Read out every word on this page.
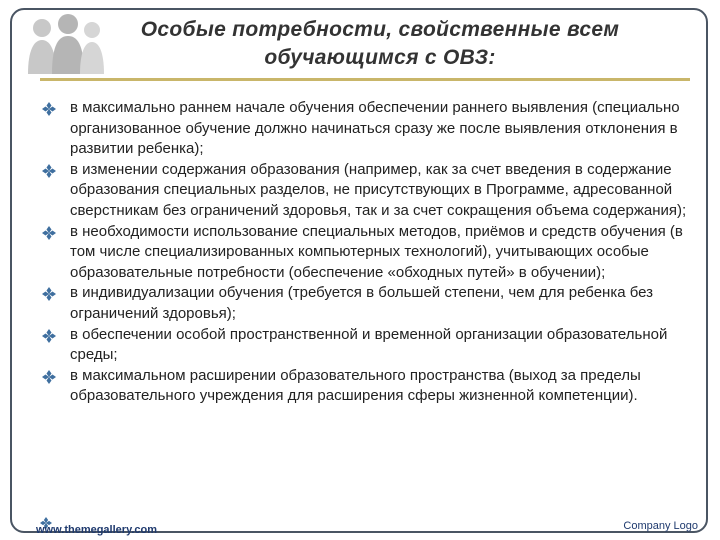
Особые потребности, свойственные всем
обучающимся с ОВЗ:
в максимально раннем начале обучения обеспечении раннего выявления (специально организованное обучение должно начинаться сразу же после выявления отклонения в развитии ребенка);
в изменении содержания образования (например, как за счет введения в содержание образования специальных разделов, не присутствующих в Программе, адресованной сверстникам без ограничений здоровья, так и за счет сокращения объема содержания);
в необходимости использование специальных методов, приёмов и средств обучения (в том числе специализированных компьютерных технологий), учитывающих особые образовательные потребности (обеспечение «обходных путей» в обучении);
в индивидуализации обучения (требуется в большей степени, чем для ребенка без ограничений здоровья);
в обеспечении особой пространственной и временной организации образовательной среды;
в максимальном расширении образовательного пространства (выход за пределы образовательного учреждения для расширения сферы жизненной компетенции).
www.themegallery.com	Company Logo
